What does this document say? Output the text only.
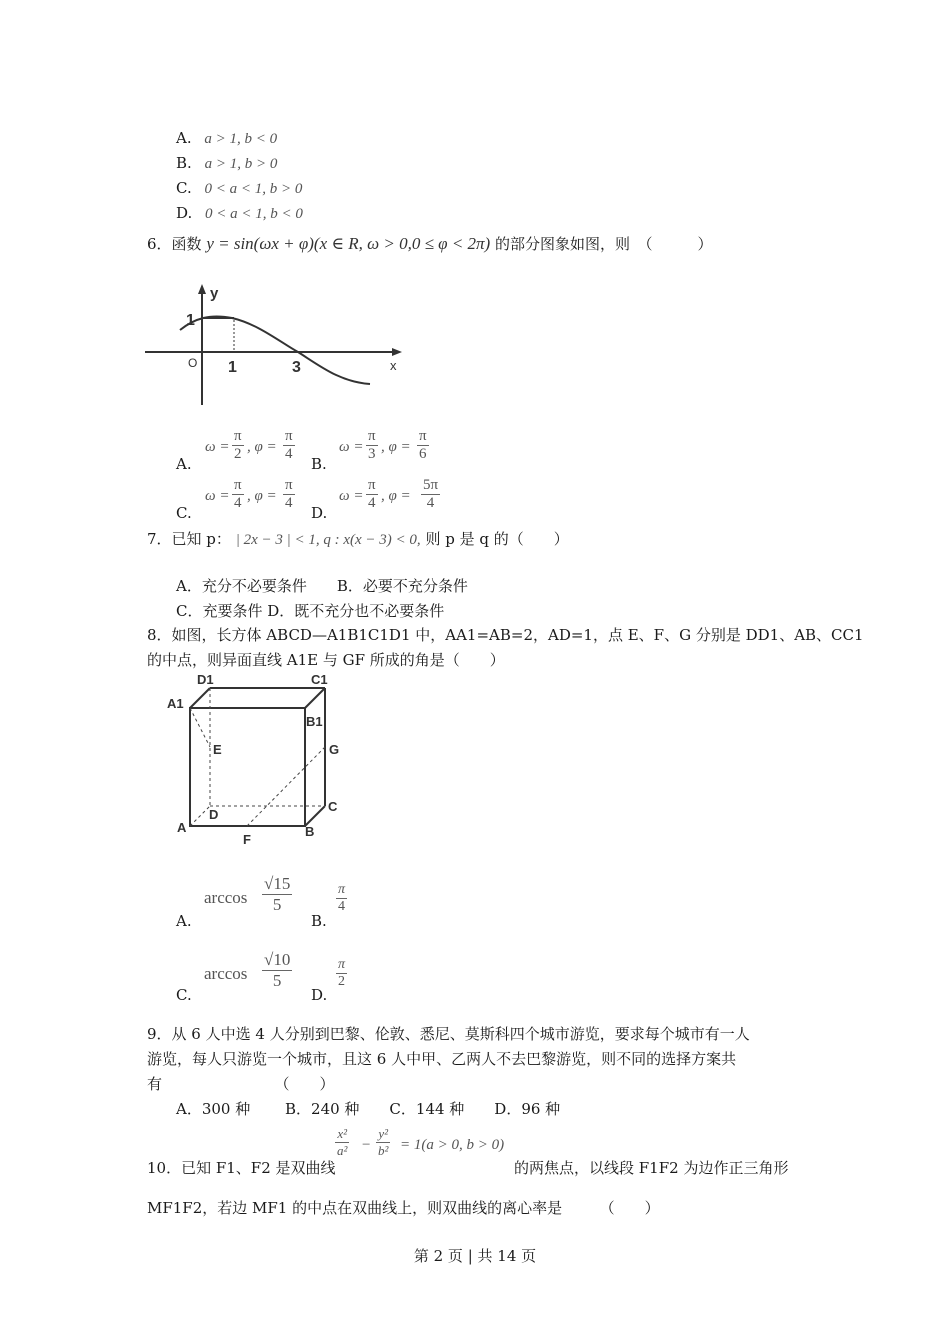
A. a > 1, b < 0
B. a > 1, b > 0
C. 0 < a < 1, b > 0
D. 0 < a < 1, b < 0
6．函数 y = sin(ωx + φ)(x ∈ R, ω > 0,0 ≤ φ < 2π) 的部分图象如图，则　（　　　）
y
x
O
1
1	3
A.
ω =
π
2 , φ =
π
4
B.
ω =
π
3 , φ =
π
6
C.
ω =
π
4 , φ =
π
4
D.
ω =
π
4 , φ =
5π
4
7．已知 p： | 2x − 3 | < 1, q : x(x − 3) < 0, 则 p 是 q 的（　　）
A．充分不必要条件　　B．必要不充分条件
C．充要条件 D．既不充分也不必要条件
8．如图，长方体 ABCD—A1B1C1D1 中，AA1=AB=2，AD=1，点 E、F、G 分别是 DD1、AB、CC1
的中点，则异面直线 A1E 与 GF 所成的角是（　　）
A1
D1	C1
B1
E	G
D
C
A	B
F
A.
arccos
√15
5
B.
π
4
C.
arccos
√10
5
D.
π
2
9．从 6 人中选 4 人分别到巴黎、伦敦、悉尼、莫斯科四个城市游览，要求每个城市有一人
游览，每人只游览一个城市，且这 6 人中甲、乙两人不去巴黎游览，则不同的选择方案共
有　　　　　　　　（　　）
A．300 种　　 B．240 种　　C．144 种　　D．96 种
10．已知 F1、F2 是双曲线
x²
a² −
y²
b² = 1(a > 0, b > 0)
的两焦点，以线段 F1F2 为边作正三角形
MF1F2，若边 MF1 的中点在双曲线上，则双曲线的离心率是　　　（　　）
第 2 页 | 共 14 页
